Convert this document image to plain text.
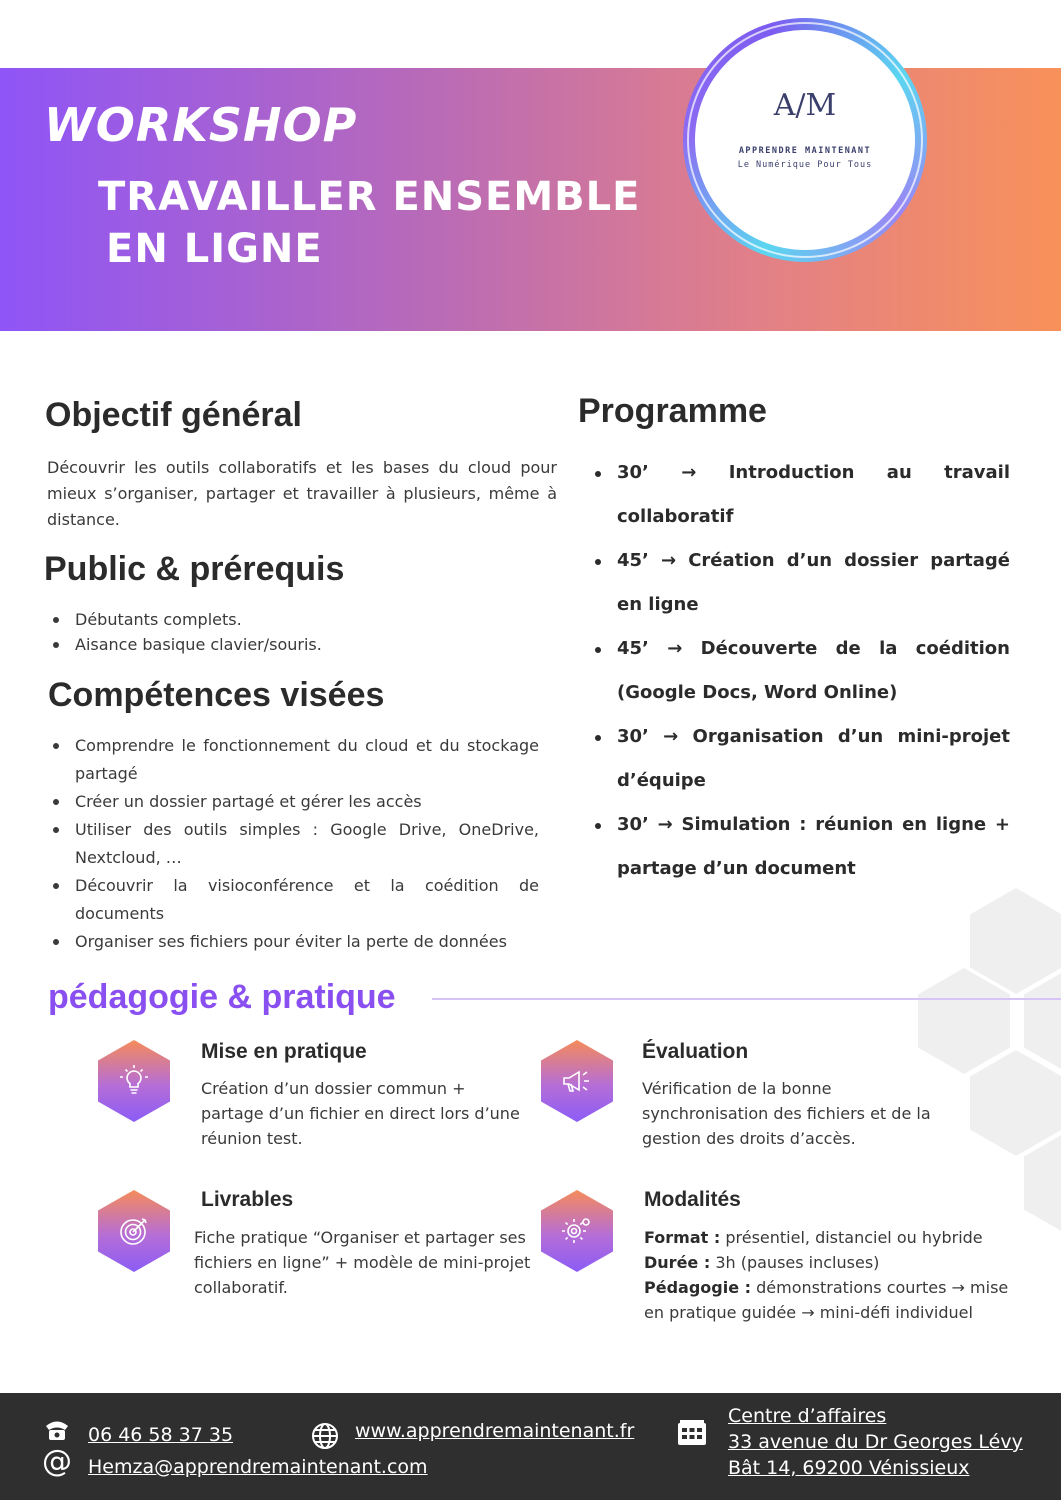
WORKSHOP
TRAVAILLER ENSEMBLE
EN LIGNE
A/M
APPRENDRE MAINTENANT
Le Numérique Pour Tous
Objectif général
Découvrir les outils collaboratifs et les bases du cloud pour mieux s’organiser, partager et travailler à plusieurs, même à distance.
Public & prérequis
Débutants complets.
Aisance basique clavier/souris.
Compétences visées
Comprendre le fonctionnement du cloud et du stockage partagé
Créer un dossier partagé et gérer les accès
Utiliser des outils simples : Google Drive, OneDrive, Nextcloud, …
Découvrir la visioconférence et la coédition de documents
Organiser ses fichiers pour éviter la perte de données
Programme
30’ → Introduction au travail collaboratif
45’ → Création d’un dossier partagé en ligne
45’ → Découverte de la coédition (Google Docs, Word Online)
30’ → Organisation d’un mini-projet d’équipe
30’ → Simulation : réunion en ligne + partage d’un document
pédagogie & pratique
Mise en pratique
Création d’un dossier commun + partage d’un fichier en direct lors d’une réunion test.
Évaluation
Vérification de la bonne synchronisation des fichiers et de la gestion des droits d’accès.
Livrables
Fiche pratique “Organiser et partager ses fichiers en ligne” + modèle de mini-projet collaboratif.
Modalités
Format : présentiel, distanciel ou hybride
Durée : 3h (pauses incluses)
Pédagogie : démonstrations courtes → mise en pratique guidée → mini-défi individuel
06 46 58 37 35
@ Hemza@apprendremaintenant.com
www.apprendremaintenant.fr
Centre d’affaires
33 avenue du Dr Georges Lévy
Bât 14, 69200 Vénissieux
